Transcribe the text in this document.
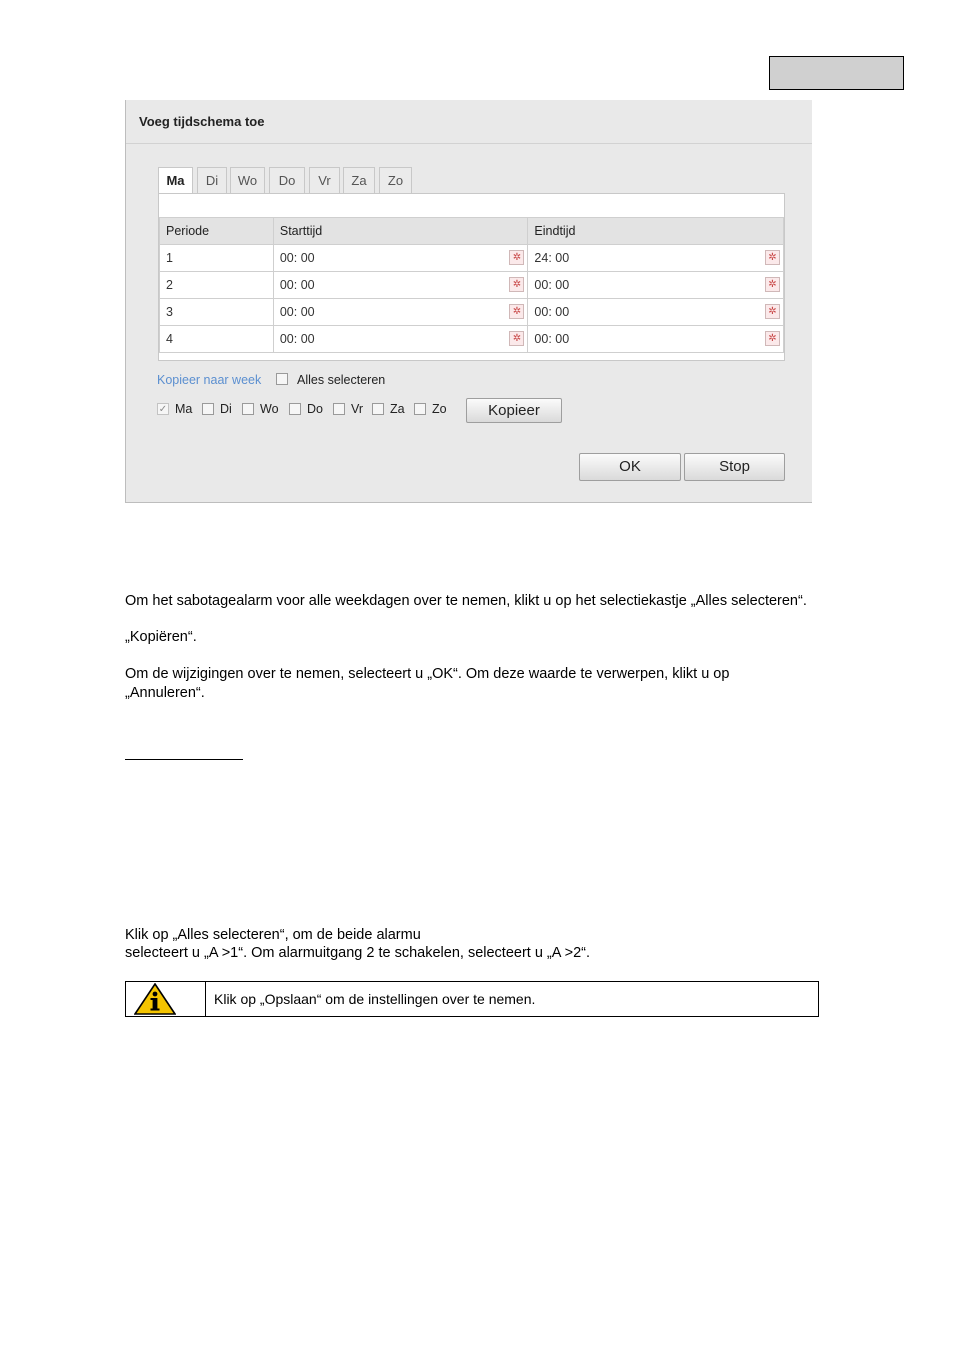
Voeg tijdschema toe
Ma	Di	Wo	Do	Vr	Za	Zo
Periode	Starttijd	Eindtijd
1	00: 00 ✲	24: 00 ✲

2	00: 00 ✲	00: 00 ✲

3	00: 00 ✲	00: 00 ✲

4	00: 00 ✲	00: 00 ✲
Kopieer naar week	Alles selecteren
✓ Ma Di Wo Do Vr Za Zo	Kopieer
OK	Stop
Om het sabotagealarm voor alle weekdagen over te nemen, klikt u op het selectiekastje „Alles selecteren“.
„Kopiëren“.
Om de wijzigingen over te nemen, selecteert u „OK“. Om deze waarde te verwerpen, klikt u op
„Annuleren“.
Klik op „Alles selecteren“, om de beide alarmu
selecteert u „A >1“. Om alarmuitgang 2 te schakelen, selecteert u „A >2“.
Klik op „Opslaan“ om de instellingen over te nemen.
